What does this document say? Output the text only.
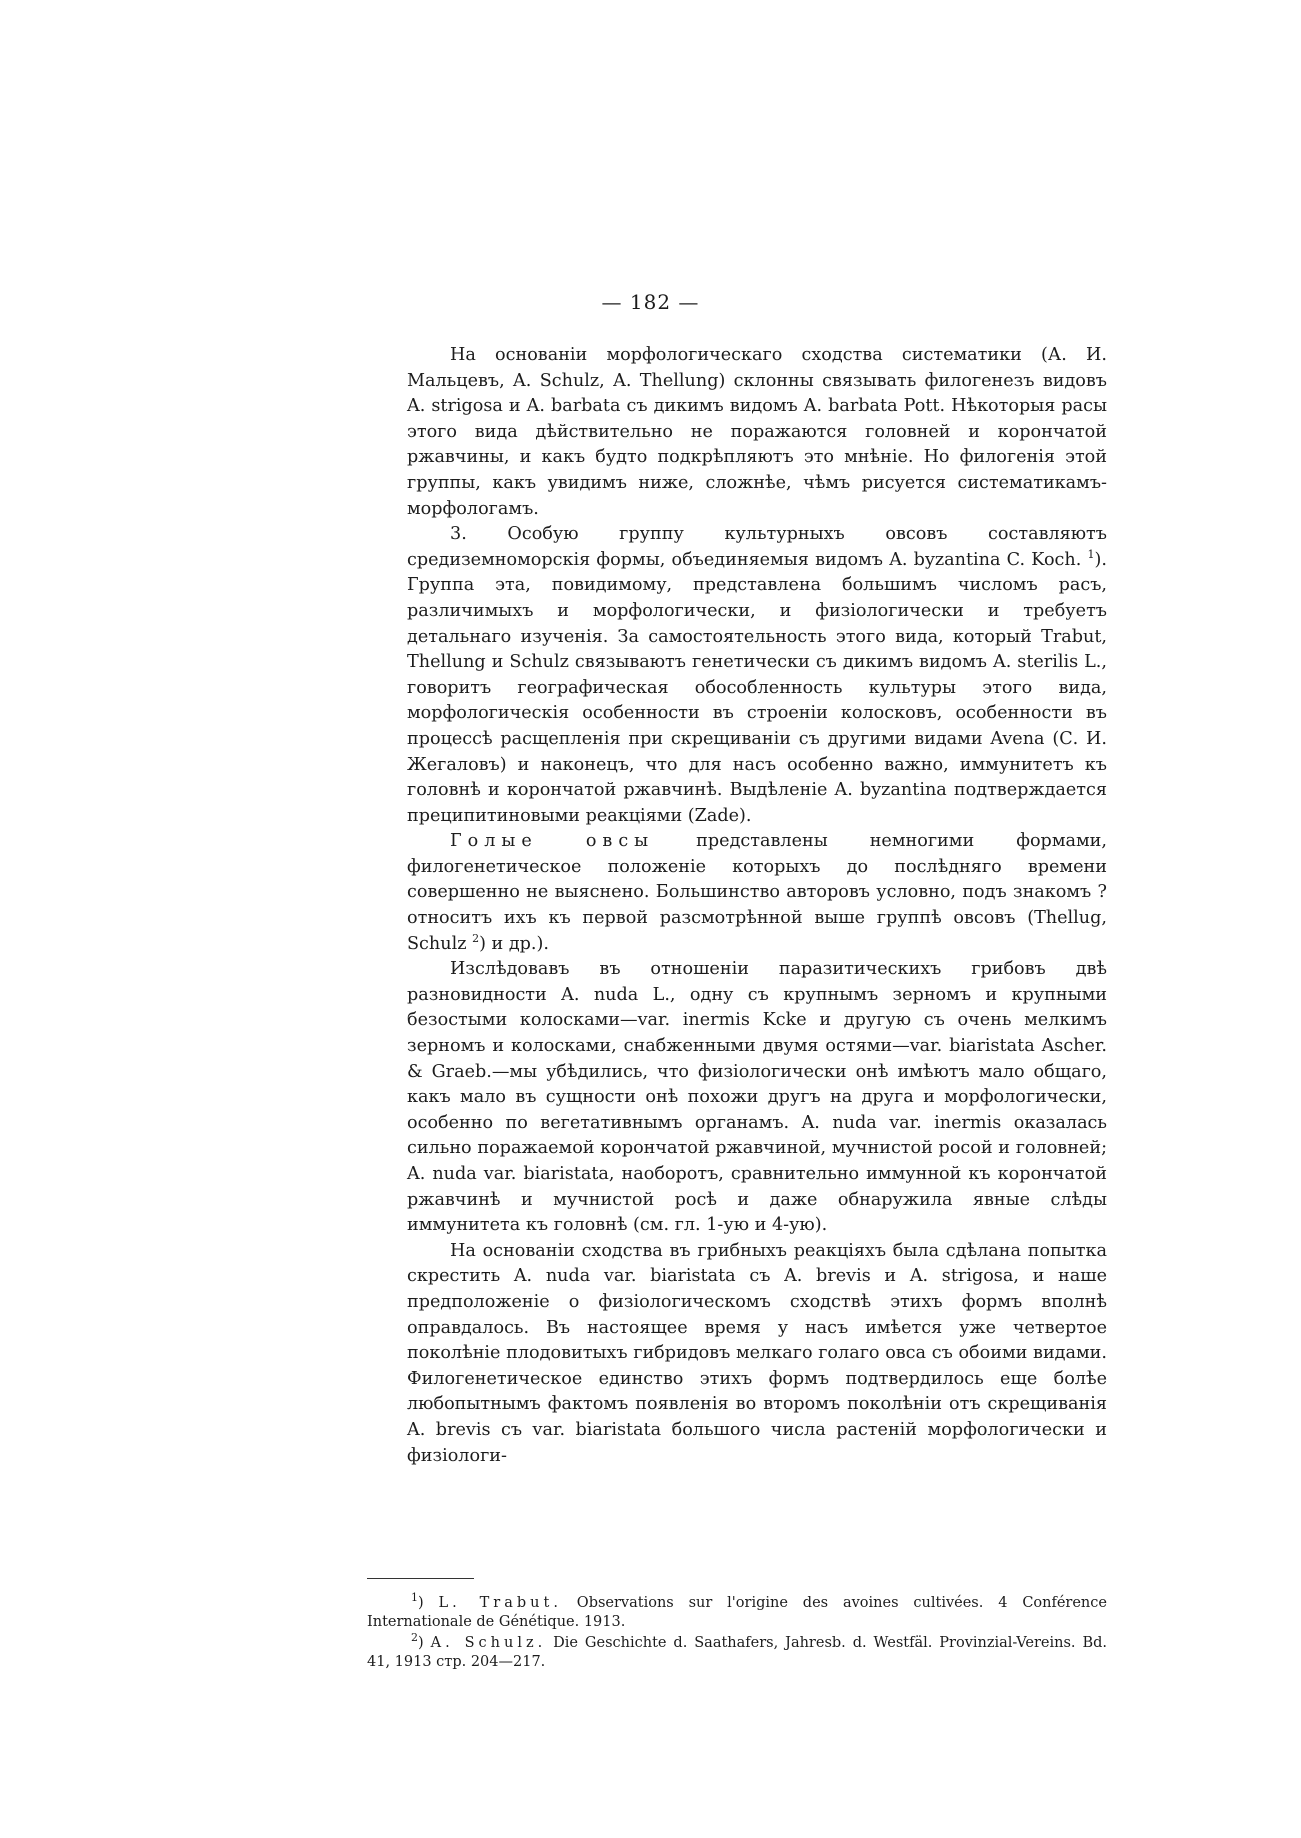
— 182 —

На основаніи морфологическаго сходства систематики (А. И. Мальцевъ, A. Schulz, A. Thellung) склонны связывать филогенезъ видовъ A. strigosa и A. barbata съ дикимъ видомъ A. barbata Pott. Нѣкоторыя расы этого вида дѣйствительно не поражаются головней и корончатой ржавчины, и какъ будто подкрѣпляютъ это мнѣніе. Но филогенія этой группы, какъ увидимъ ниже, сложнѣе, чѣмъ рисуется систематикамъ-морфологамъ.

3. Особую группу культурныхъ овсовъ составляютъ средиземноморскія формы, объединяемыя видомъ A. byzantina C. Koch. $^1$). Группа эта, повидимому, представлена большимъ числомъ расъ, различимыхъ и морфологически, и физіологически и требуетъ детальнаго изученія. За самостоятельность этого вида, который Trabut, Thellung и Schulz связываютъ генетически съ дикимъ видомъ A. sterilis L., говоритъ географическая обособленность культуры этого вида, морфологическія особенности въ строеніи колосковъ, особенности въ процессѣ расщепленія при скрещиваніи съ другими видами Avena (С. И. Жегаловъ) и наконецъ, что для насъ особенно важно, иммунитетъ къ головнѣ и корончатой ржавчинѣ. Выдѣленіе A. byzantina подтверждается преципитиновыми реакціями (Zade).

Голые овсы представлены немногими формами, филогенетическое положеніе которыхъ до послѣдняго времени совершенно не выяснено. Большинство авторовъ условно, подъ знакомъ ? относитъ ихъ къ первой разсмотрѣнной выше группѣ овсовъ (Thellug, Schulz $^2$) и др.).

Изслѣдовавъ въ отношеніи паразитическихъ грибовъ двѣ разновидности A. nuda L., одну съ крупнымъ зерномъ и крупными безостыми колосками—var. inermis Kcke и другую съ очень мелкимъ зерномъ и колосками, снабженными двумя остями—var. biaristata Ascher. & Graeb.—мы убѣдились, что физіологически онѣ имѣютъ мало общаго, какъ мало въ сущности онѣ похожи другъ на друга и морфологически, особенно по вегетативнымъ органамъ. A. nuda var. inermis оказалась сильно поражаемой корончатой ржавчиной, мучнистой росой и головней; A. nuda var. biaristata, наоборотъ, сравнительно иммунной къ корончатой ржавчинѣ и мучнистой росѣ и даже обнаружила явные слѣды иммунитета къ головнѣ (см. гл. 1-ую и 4-ую).

На основаніи сходства въ грибныхъ реакціяхъ была сдѣлана попытка скрестить A. nuda var. biaristata съ A. brevis и A. strigosa, и наше предположеніе о физіологическомъ сходствѣ этихъ формъ вполнѣ оправдалось. Въ настоящее время у насъ имѣется уже четвертое поколѣніе плодовитыхъ гибридовъ мелкаго голаго овса съ обоими видами. Филогенетическое единство этихъ формъ подтвердилось еще болѣе любопытнымъ фактомъ появленія во второмъ поколѣніи отъ скрещиванія A. brevis съ var. biaristata большого числа растеній морфологически и физіологи-

$^1$) L. Trabut. Observations sur l'origine des avoines cultivées. 4 Conférence Internationale de Génétique. 1913.

$^2$) A. Schulz. Die Geschichte d. Saathafers, Jahresb. d. Westfäl. Provinzial-Vereins. Bd. 41, 1913 стр. 204—217.
